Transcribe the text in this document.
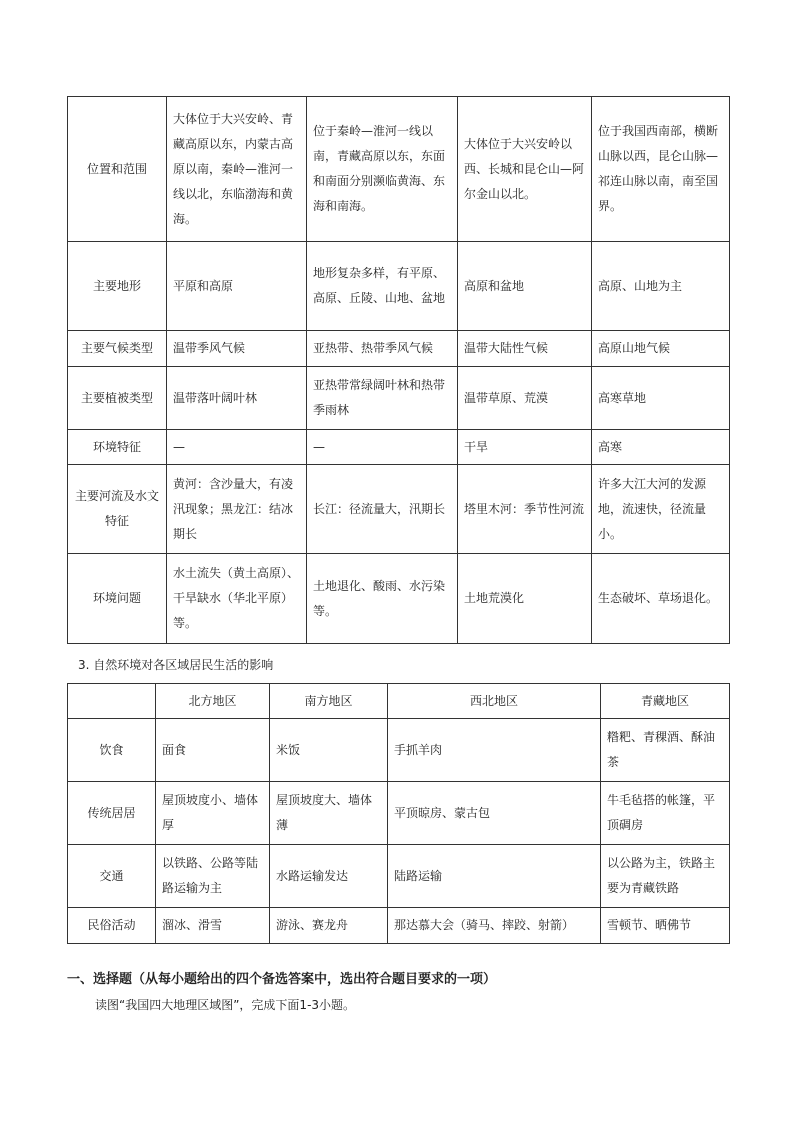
位置和范围	大体位于大兴安岭、青藏高原以东，内蒙古高原以南，秦岭—淮河一线以北，东临渤海和黄海。	位于秦岭—淮河一线以南，青藏高原以东，东面和南面分别濒临黄海、东海和南海。	大体位于大兴安岭以西、长城和昆仑山—阿尔金山以北。	位于我国西南部，横断山脉以西，昆仑山脉—祁连山脉以南，南至国界。
主要地形	平原和高原	地形复杂多样，有平原、高原、丘陵、山地、盆地	高原和盆地	高原、山地为主
主要气候类型	温带季风气候	亚热带、热带季风气候	温带大陆性气候	高原山地气候
主要植被类型	温带落叶阔叶林	亚热带常绿阔叶林和热带季雨林	温带草原、荒漠	高寒草地
环境特征	—	—	干旱	高寒
主要河流及水文特征	黄河：含沙量大，有凌汛现象；黑龙江：结冰期长	长江：径流量大，汛期长	塔里木河：季节性河流	许多大江大河的发源地，流速快，径流量小。
环境问题	水土流失（黄土高原）、干旱缺水（华北平原）等。	土地退化、酸雨、水污染等。	土地荒漠化	生态破坏、草场退化。
3. 自然环境对各区域居民生活的影响
	北方地区	南方地区	西北地区	青藏地区
饮食	面食	米饭	手抓羊肉	糌粑、青稞酒、酥油茶
传统居居	屋顶坡度小、墙体厚	屋顶坡度大、墙体薄	平顶晾房、蒙古包	牛毛毡搭的帐篷，平顶碉房
交通	以铁路、公路等陆路运输为主	水路运输发达	陆路运输	以公路为主，铁路主要为青藏铁路
民俗活动	溜冰、滑雪	游泳、赛龙舟	那达慕大会（骑马、摔跤、射箭）	雪顿节、晒佛节
一、选择题（从每小题给出的四个备选答案中，选出符合题目要求的一项）
读图“我国四大地理区域图”，完成下面1-3小题。
